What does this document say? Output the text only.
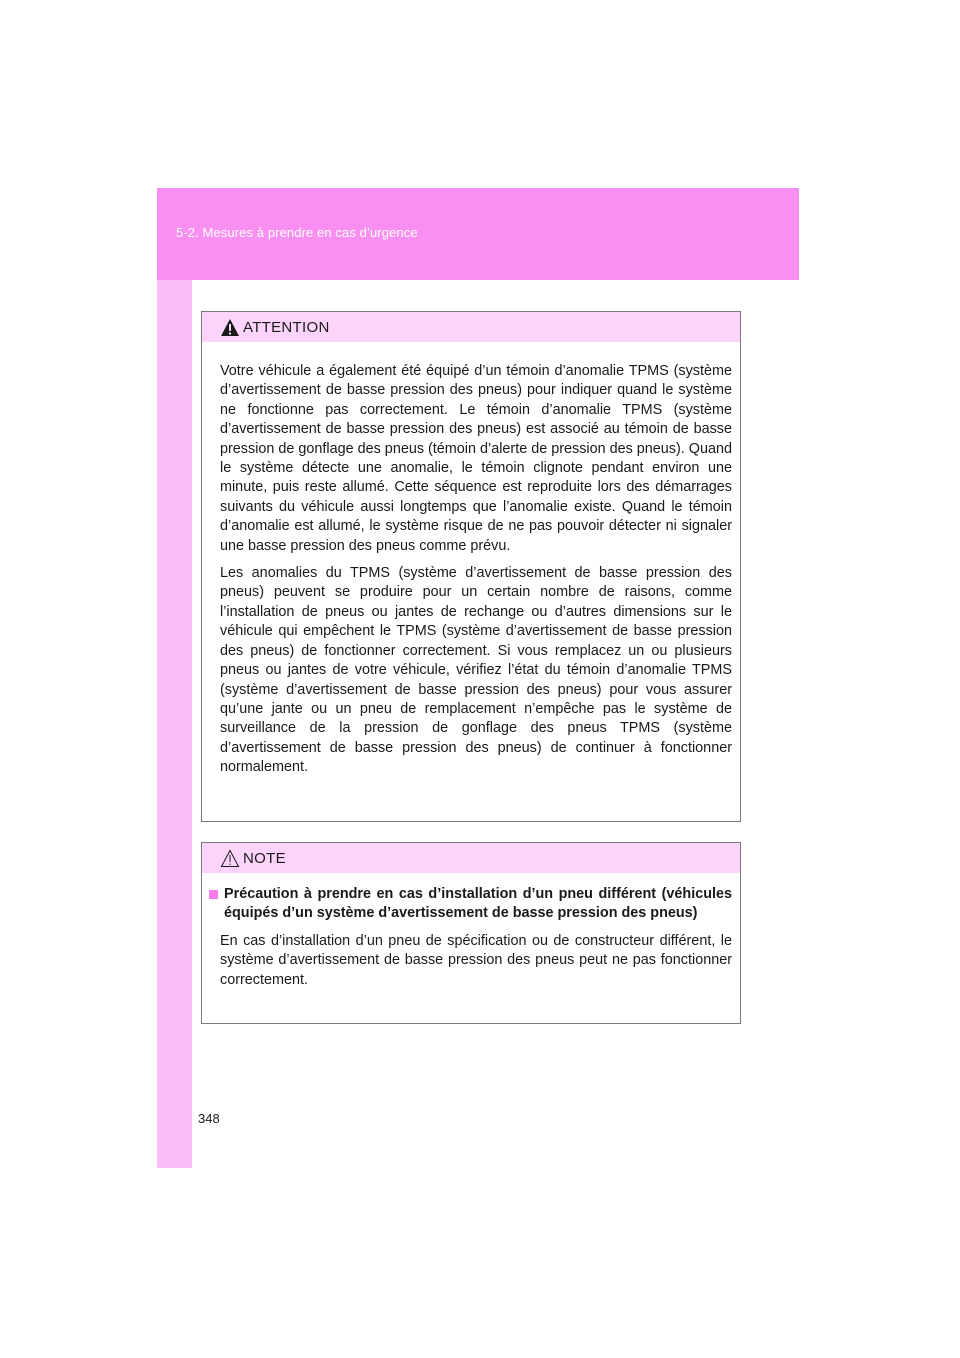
5-2. Mesures à prendre en cas d’urgence
ATTENTION

Votre véhicule a également été équipé d’un témoin d’anomalie TPMS (système d’avertissement de basse pression des pneus) pour indiquer quand le système ne fonctionne pas correctement. Le témoin d’anomalie TPMS (système d’avertissement de basse pression des pneus) est associé au témoin de basse pression de gonflage des pneus (témoin d’alerte de pression des pneus). Quand le système détecte une anomalie, le témoin clignote pendant environ une minute, puis reste allumé. Cette séquence est reproduite lors des démarrages suivants du véhicule aussi longtemps que l’anomalie existe. Quand le témoin d’anomalie est allumé, le système risque de ne pas pouvoir détecter ni signaler une basse pression des pneus comme prévu.

Les anomalies du TPMS (système d’avertissement de basse pression des pneus) peuvent se produire pour un certain nombre de raisons, comme l’installation de pneus ou jantes de rechange ou d’autres dimensions sur le véhicule qui empêchent le TPMS (système d’avertissement de basse pression des pneus) de fonctionner correctement. Si vous remplacez un ou plusieurs pneus ou jantes de votre véhicule, vérifiez l’état du témoin d’anomalie TPMS (système d’avertissement de basse pression des pneus) pour vous assurer qu’une jante ou un pneu de remplacement n’empêche pas le système de surveillance de la pression de gonflage des pneus TPMS (système d’avertissement de basse pression des pneus) de continuer à fonctionner normalement.

NOTE

Précaution à prendre en cas d’installation d’un pneu différent (véhicules équipés d’un système d’avertissement de basse pression des pneus)

En cas d’installation d’un pneu de spécification ou de constructeur différent, le système d’avertissement de basse pression des pneus peut ne pas fonctionner correctement.

348
